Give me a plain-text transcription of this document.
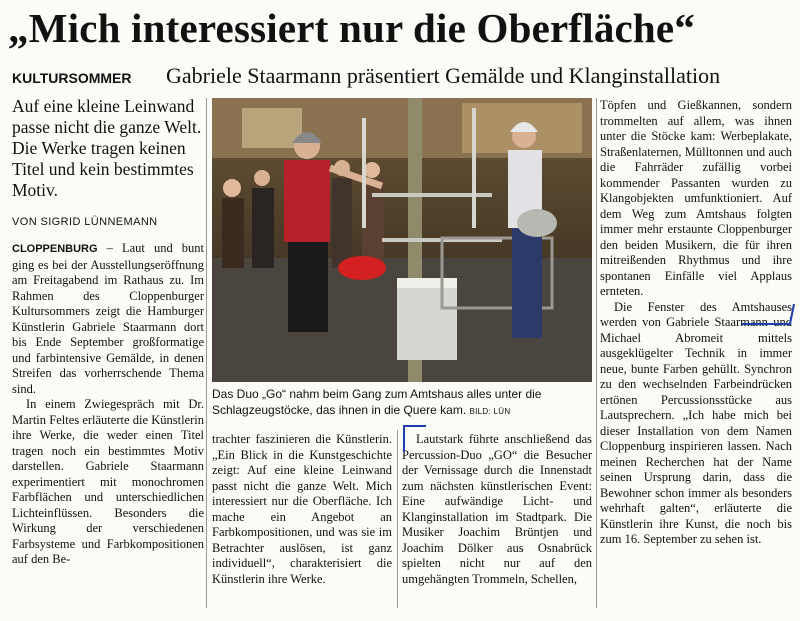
„Mich interessiert nur die Oberfläche“
KULTURSOMMER Gabriele Staarmann präsentiert Gemälde und Klanginstallation

Auf eine kleine Leinwand passe nicht die ganze Welt. Die Werke tragen keinen Titel und kein bestimmtes Motiv.

VON SIGRID LÜNNEMANN

CLOPPENBURG – Laut und bunt ging es bei der Ausstellungseröffnung am Freitagabend im Rathaus zu. Im Rahmen des Cloppenburger Kultursommers zeigt die Hamburger Künstlerin Gabriele Staarmann dort bis Ende September großformatige und farbintensive Gemälde, in denen Streifen das vorherrschende Thema sind.

In einem Zwiegespräch mit Dr. Martin Feltes erläuterte die Künstlerin ihre Werke, die weder einen Titel tragen noch ein bestimmtes Motiv darstellen. Gabriele Staarmann experimentiert mit monochromen Farbflächen und unterschiedlichen Lichteinflüssen. Besonders die Wirkung der verschiedenen Farbsysteme und Farbkompositionen auf den Be-

Das Duo „Go“ nahm beim Gang zum Amtshaus alles unter die Schlagzeugstöcke, das ihnen in die Quere kam. BILD: LÜN

trachter faszinieren die Künstlerin. „Ein Blick in die Kunstgeschichte zeigt: Auf eine kleine Leinwand passt nicht die ganze Welt. Mich interessiert nur die Oberfläche. Ich mache ein Angebot an Farbkompositionen, und was sie im Betrachter auslösen, ist ganz individuell“, charakterisiert die Künstlerin ihre Werke.

Lautstark führte anschließend das Percussion-Duo „GO“ die Besucher der Vernissage durch die Innenstadt zum nächsten künstlerischen Event: Eine aufwändige Licht- und Klanginstallation im Stadtpark. Die Musiker Joachim Brüntjen und Joachim Dölker aus Osnabrück spielten nicht nur auf den umgehängten Trommeln, Schellen,

Töpfen und Gießkannen, sondern trommelten auf allem, was ihnen unter die Stöcke kam: Werbeplakate, Straßenlaternen, Mülltonnen und auch die Fahrräder zufällig vorbei kommender Passanten wurden zu Klangobjekten umfunktioniert. Auf dem Weg zum Amtshaus folgten immer mehr erstaunte Cloppenburger den beiden Musikern, die für ihren mitreißenden Rhythmus und ihre spontanen Einfälle viel Applaus ernteten.

Die Fenster des Amtshauses werden von Gabriele Staarmann und Michael Abromeit mittels ausgeklügelter Technik in immer neue, bunte Farben gehüllt. Synchron zu den wechselnden Farbeindrücken ertönen Percussionsstücke aus Lautsprechern. „Ich habe mich bei dieser Installation von dem Namen Cloppenburg inspirieren lassen. Nach meinen Recherchen hat der Name seinen Ursprung darin, dass die Bewohner schon immer als besonders wehrhaft galten“, erläuterte die Künstlerin ihre Kunst, die noch bis zum 16. September zu sehen ist.
